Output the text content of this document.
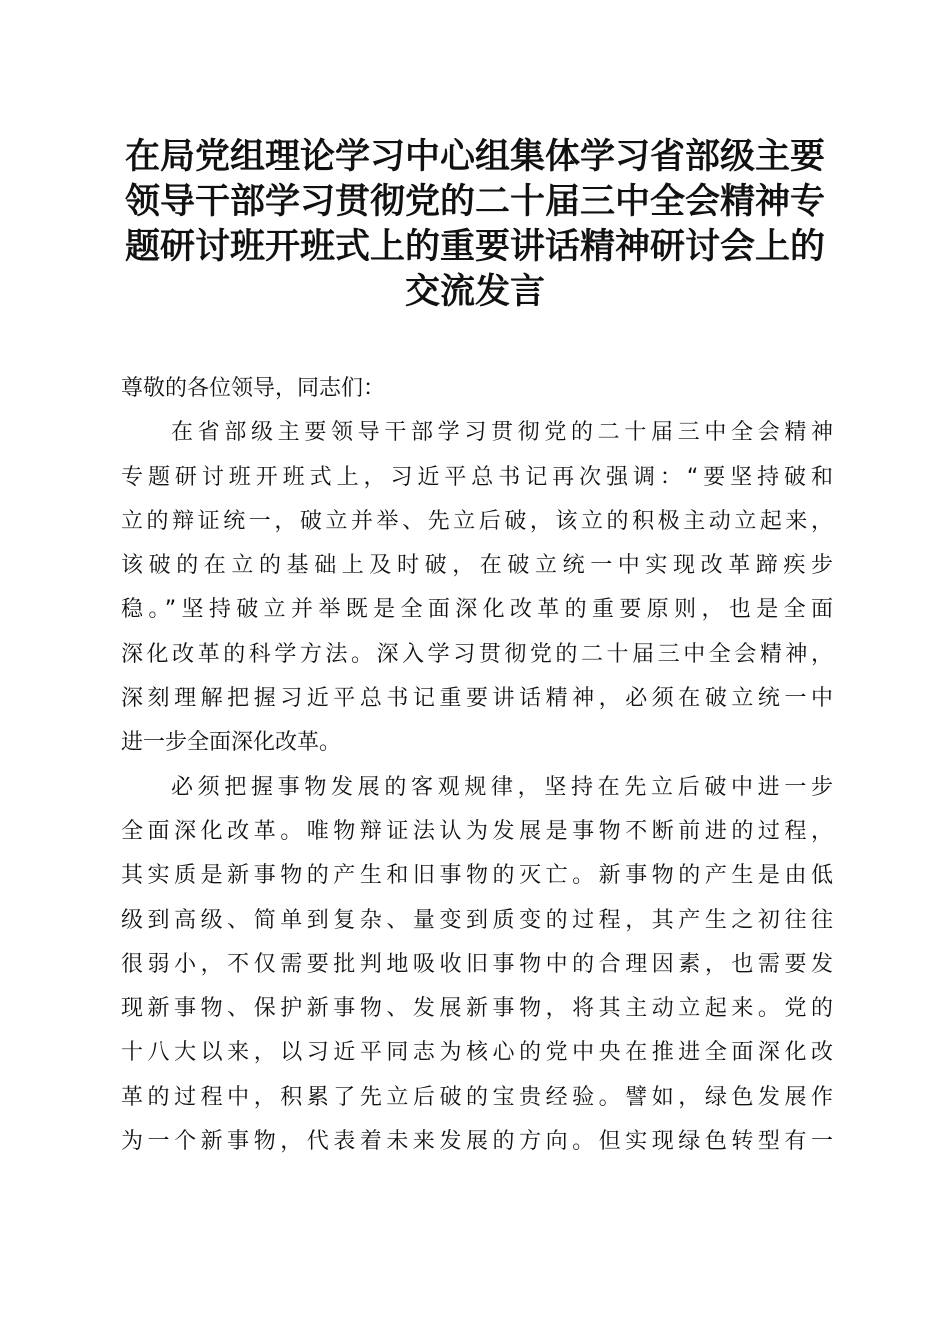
在局党组理论学习中心组集体学习省部级主要
领导干部学习贯彻党的二十届三中全会精神专
题研讨班开班式上的重要讲话精神研讨会上的
交流发言
尊敬的各位领导，同志们：
在省部级主要领导干部学习贯彻党的二十届三中全会精神
专题研讨班开班式上，习近平总书记再次强调：“要坚持破和
立的辩证统一，破立并举、先立后破，该立的积极主动立起来，
该破的在立的基础上及时破，在破立统一中实现改革蹄疾步
稳。”坚持破立并举既是全面深化改革的重要原则，也是全面
深化改革的科学方法。深入学习贯彻党的二十届三中全会精神，
深刻理解把握习近平总书记重要讲话精神，必须在破立统一中
进一步全面深化改革。
必须把握事物发展的客观规律，坚持在先立后破中进一步
全面深化改革。唯物辩证法认为发展是事物不断前进的过程，
其实质是新事物的产生和旧事物的灭亡。新事物的产生是由低
级到高级、简单到复杂、量变到质变的过程，其产生之初往往
很弱小，不仅需要批判地吸收旧事物中的合理因素，也需要发
现新事物、保护新事物、发展新事物，将其主动立起来。党的
十八大以来，以习近平同志为核心的党中央在推进全面深化改
革的过程中，积累了先立后破的宝贵经验。譬如，绿色发展作
为一个新事物，代表着未来发展的方向。但实现绿色转型有一
